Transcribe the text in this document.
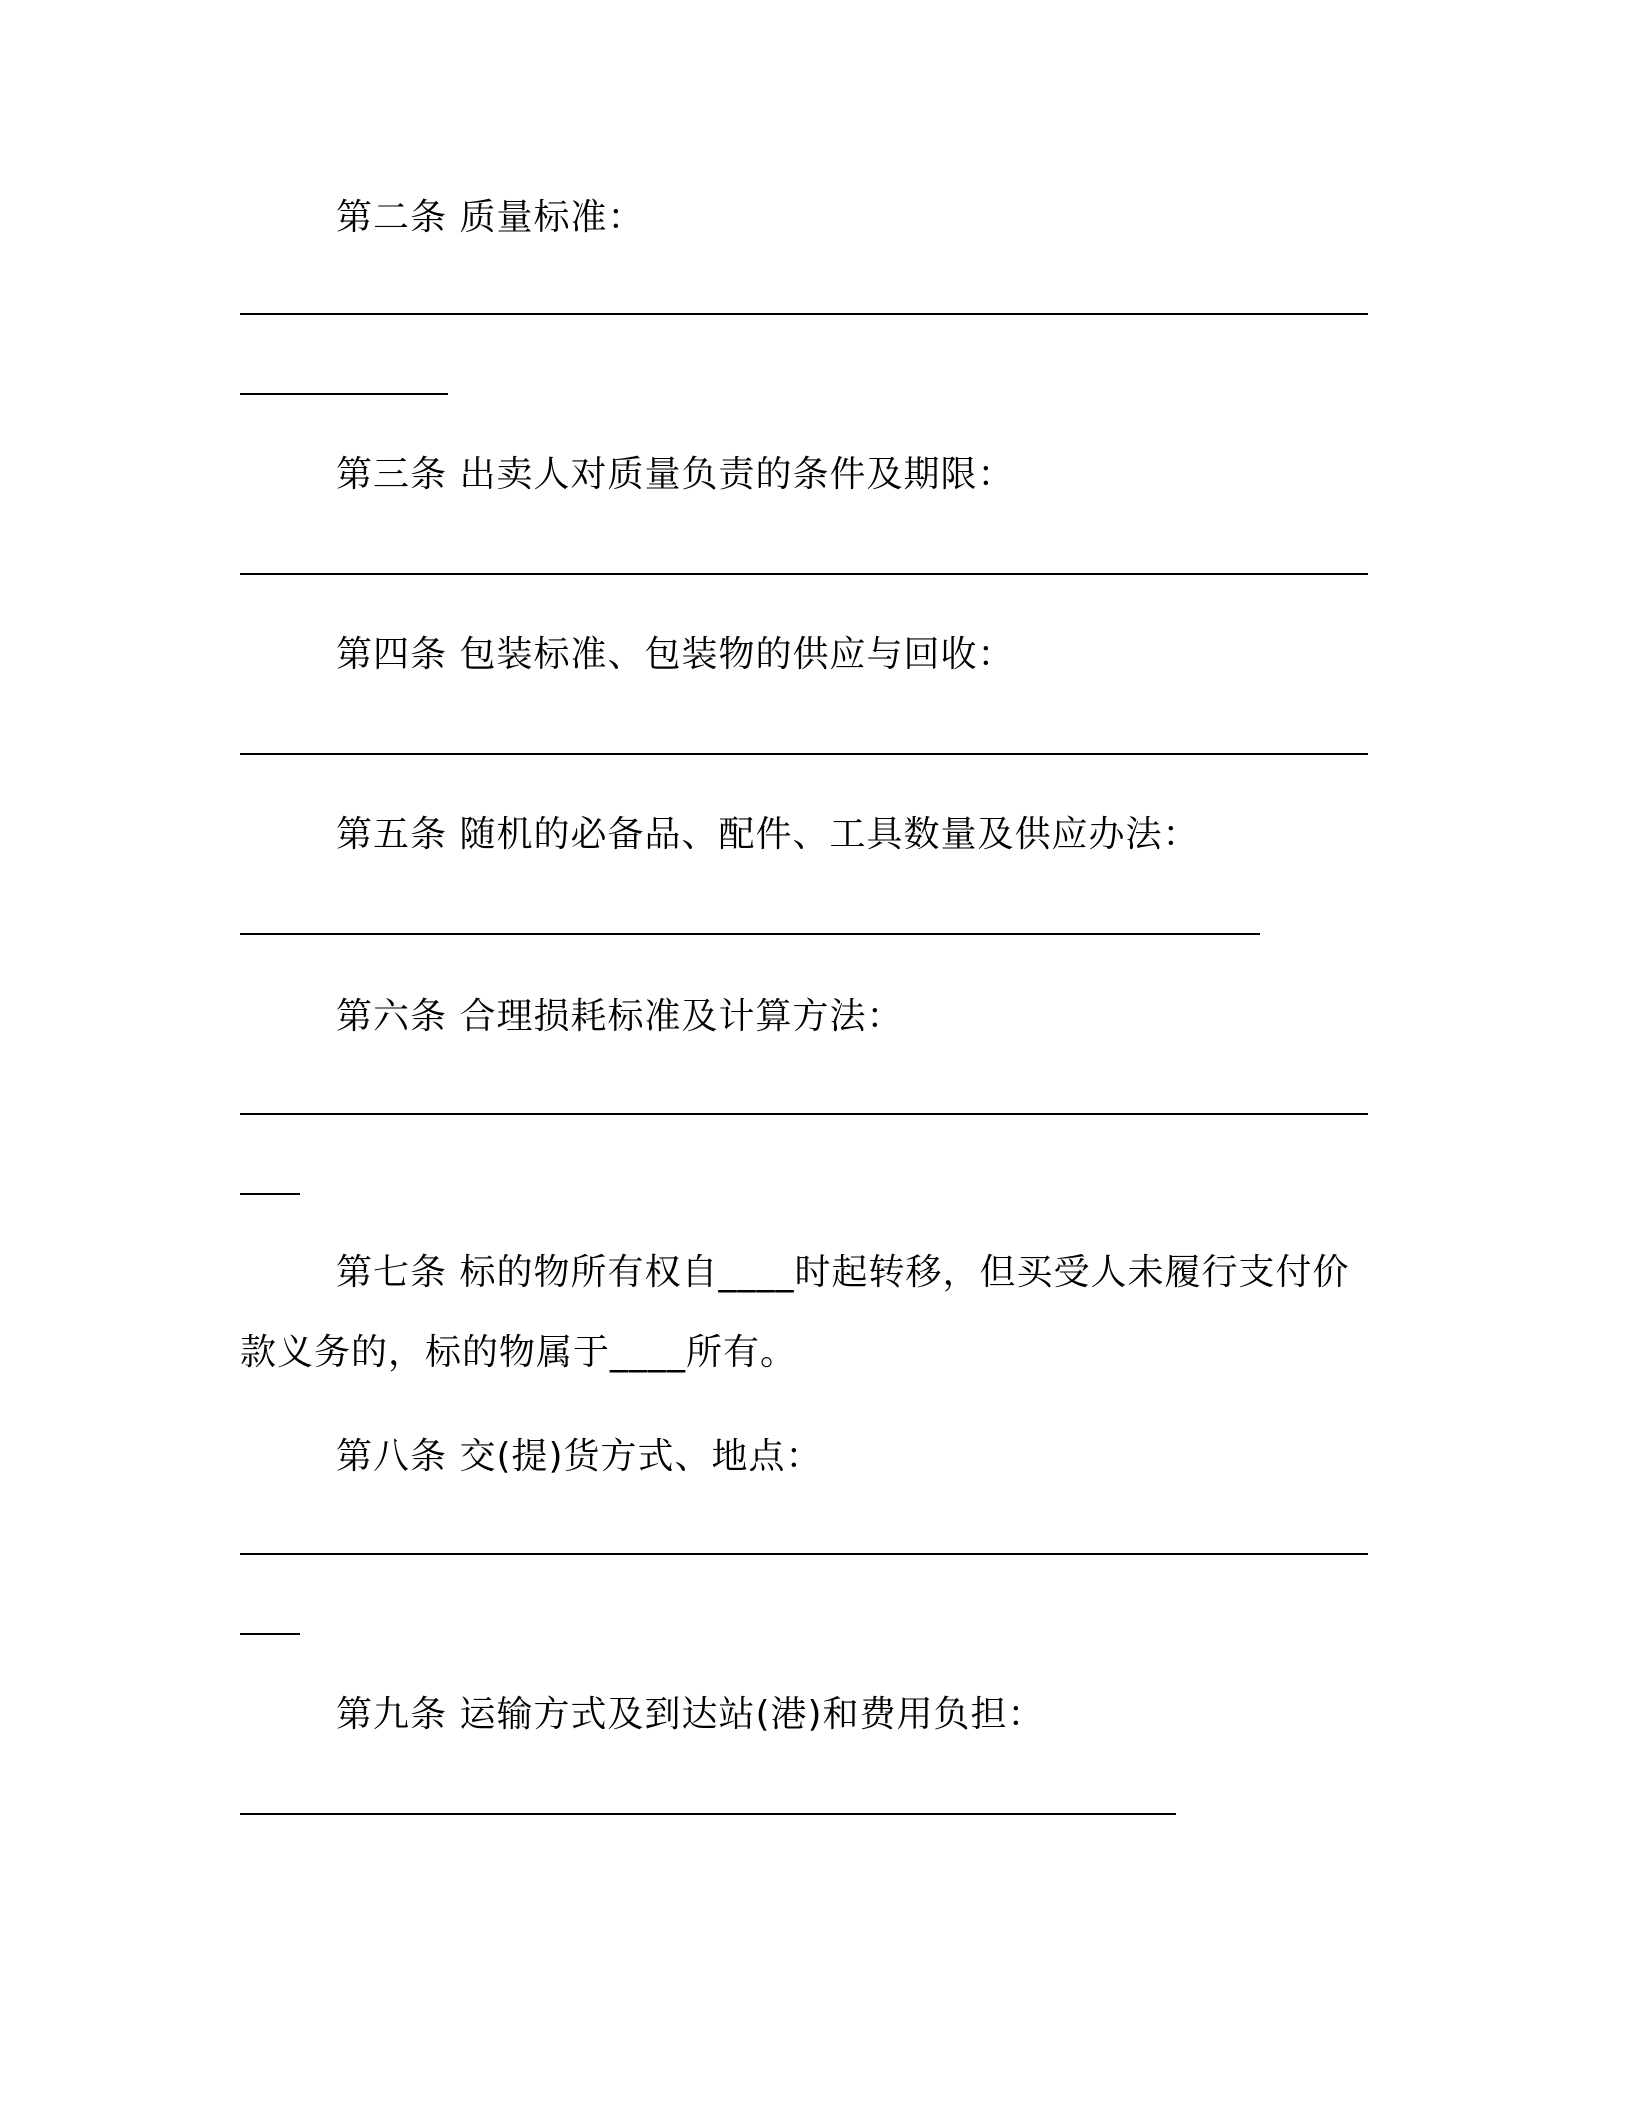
第二条 质量标准：
第三条 出卖人对质量负责的条件及期限：
第四条 包装标准、包装物的供应与回收：
第五条 随机的必备品、配件、工具数量及供应办法：
第六条 合理损耗标准及计算方法：
第七条 标的物所有权自____时起转移，但买受人未履行支付价
款义务的，标的物属于____所有。
第八条 交(提)货方式、地点：
第九条 运输方式及到达站(港)和费用负担：
